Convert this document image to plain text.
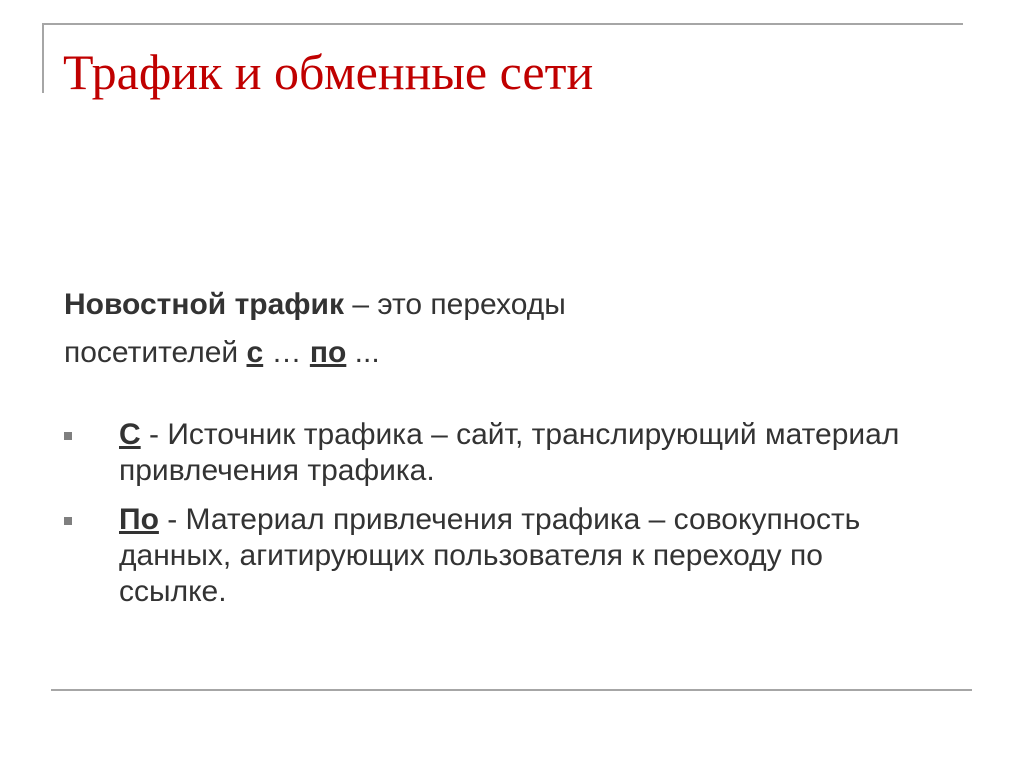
Трафик и обменные сети

Новостной трафик – это переходы
посетителей с … по ...

С - Источник трафика – сайт, транслирующий материал привлечения трафика.
По - Материал привлечения трафика – совокупность данных, агитирующих пользователя к переходу по ссылке.
